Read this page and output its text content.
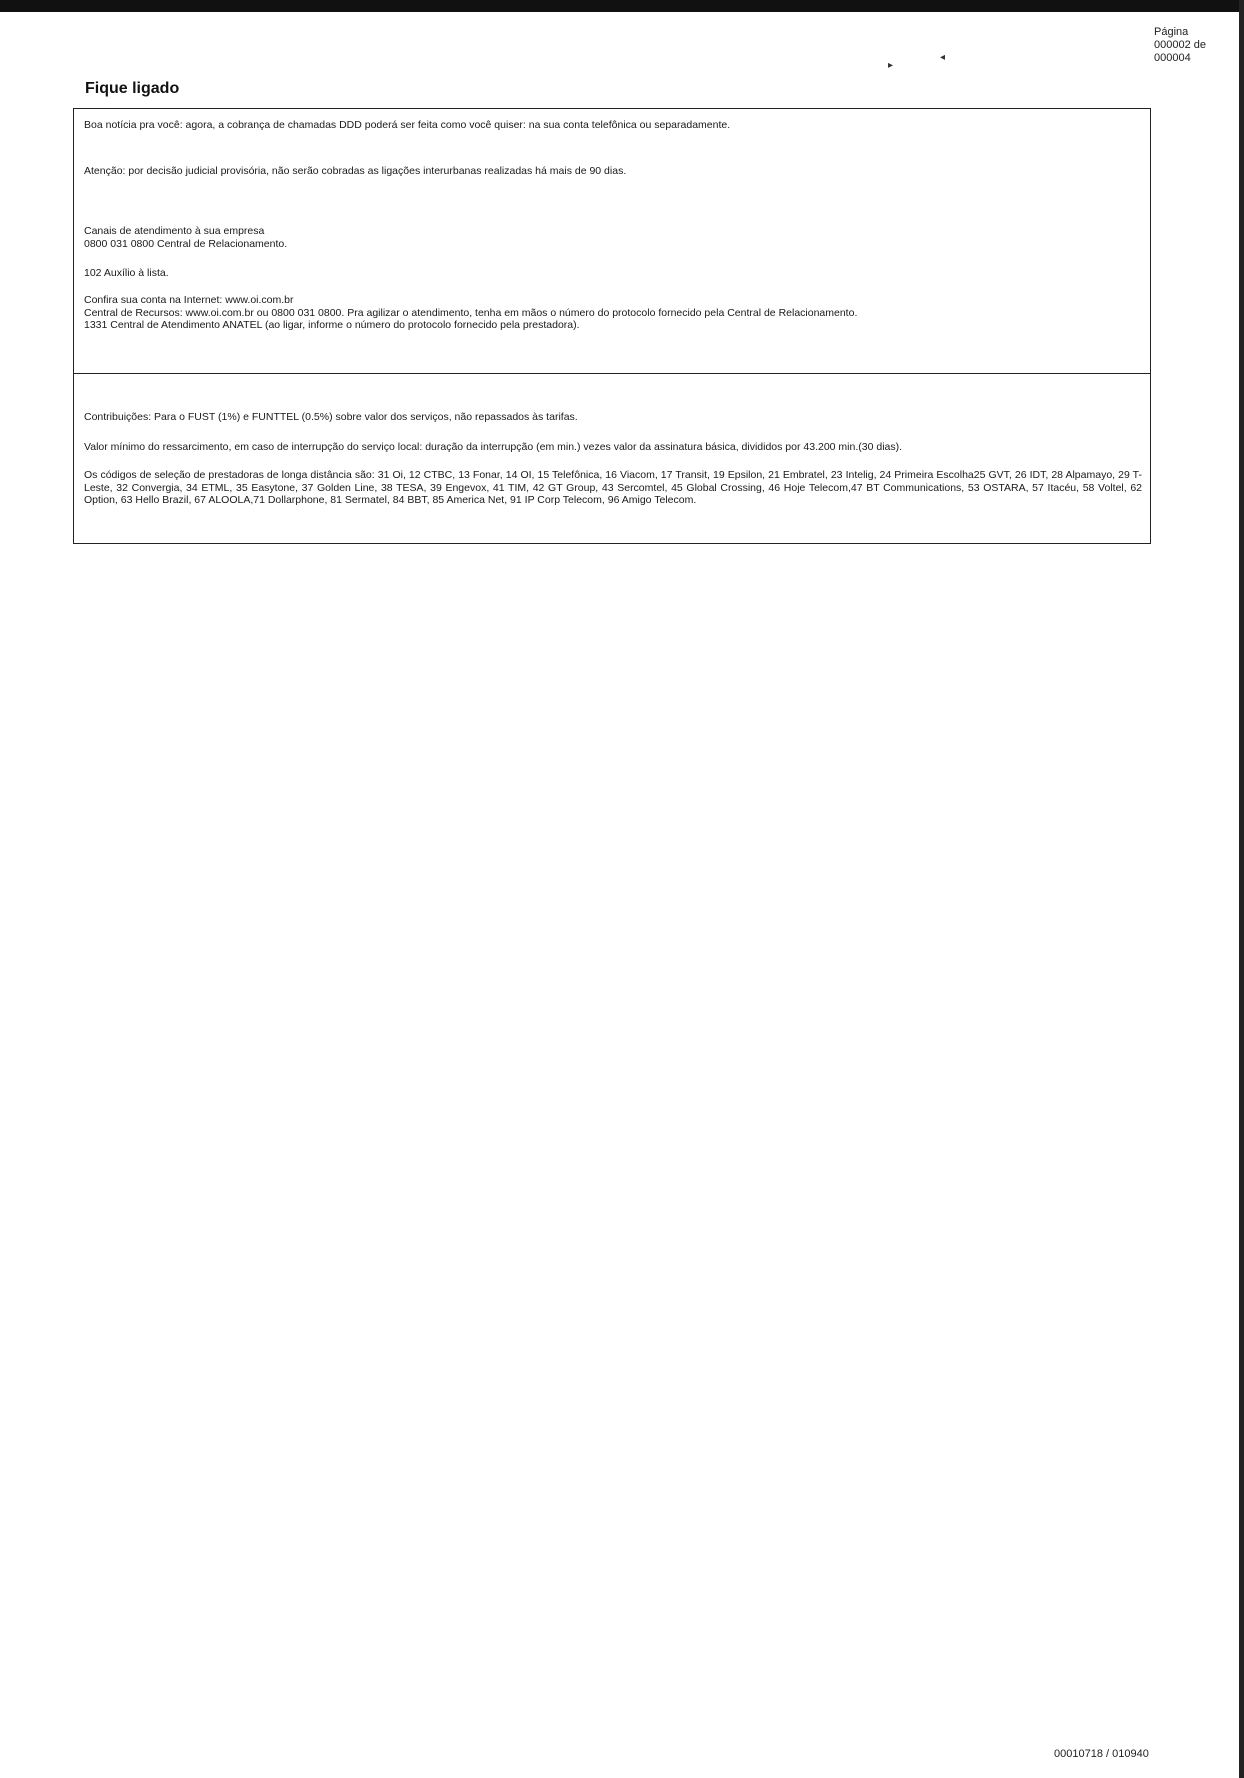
Página
000002 de
000004
▸
◂
Fique ligado
Boa notícia pra você: agora, a cobrança de chamadas DDD poderá ser feita como você quiser: na sua conta telefônica ou separadamente.
Atenção: por decisão judicial provisória, não serão cobradas as ligações interurbanas realizadas há mais de 90 dias.
Canais de atendimento à sua empresa
0800 031 0800 Central de Relacionamento.
102 Auxílio à lista.
Confira sua conta na Internet: www.oi.com.br
Central de Recursos: www.oi.com.br ou 0800 031 0800. Pra agilizar o atendimento, tenha em mãos o número do protocolo fornecido pela Central de Relacionamento.
1331 Central de Atendimento ANATEL (ao ligar, informe o número do protocolo fornecido pela prestadora).
Contribuições: Para o FUST (1%) e FUNTTEL (0.5%) sobre valor dos serviços, não repassados às tarifas.
Valor mínimo do ressarcimento, em caso de interrupção do serviço local: duração da interrupção (em min.) vezes valor da assinatura básica, divididos por 43.200 min.(30 dias).
Os códigos de seleção de prestadoras de longa distância são: 31 Oi, 12 CTBC, 13 Fonar, 14 OI, 15 Telefônica, 16 Viacom, 17 Transit, 19 Epsilon, 21 Embratel, 23 Intelig, 24 Primeira Escolha25 GVT, 26 IDT, 28 Alpamayo, 29 T-Leste, 32 Convergia, 34 ETML, 35 Easytone, 37 Golden Line, 38 TESA, 39 Engevox, 41 TIM, 42 GT Group, 43 Sercomtel, 45 Global Crossing, 46 Hoje Telecom,47 BT Communications, 53 OSTARA, 57 Itacéu, 58 Voltel, 62 Option, 63 Hello Brazil, 67 ALOOLA,71 Dollarphone, 81 Sermatel, 84 BBT, 85 America Net, 91 IP Corp Telecom, 96 Amigo Telecom.
00010718 / 010940
